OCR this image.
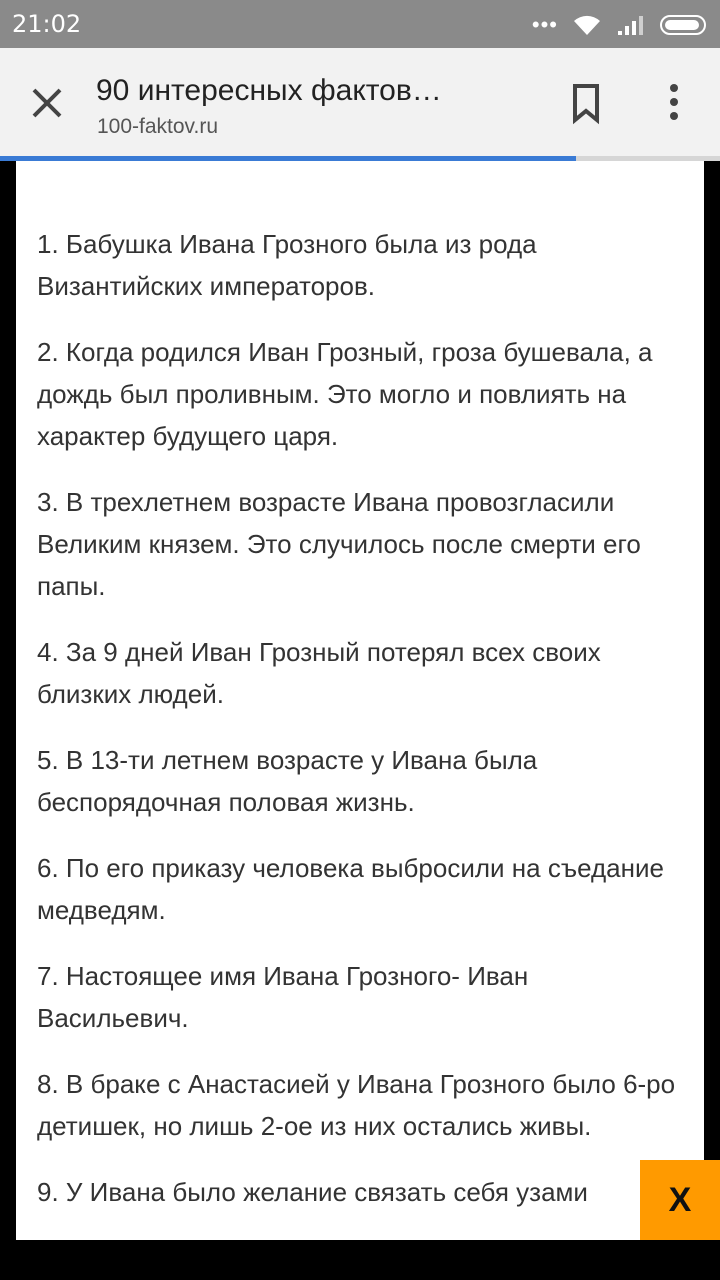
21:02	•••
90 интересных фактов…
100-faktov.ru
1. Бабушка Ивана Грозного была из рода Византийских императоров.
2. Когда родился Иван Грозный, гроза бушевала, а дождь был проливным. Это могло и повлиять на характер будущего царя.
3. В трехлетнем возрасте Ивана провозгласили Великим князем. Это случилось после смерти его папы.
4. За 9 дней Иван Грозный потерял всех своих близких людей.
5. В 13-ти летнем возрасте у Ивана была беспорядочная половая жизнь.
6. По его приказу человека выбросили на съедание медведям.
7. Настоящее имя Ивана Грозного- Иван Васильевич.
8. В браке с Анастасией у Ивана Грозного было 6-ро детишек, но лишь 2-ое из них остались живы.
9. У Ивана было желание связать себя узами	X
